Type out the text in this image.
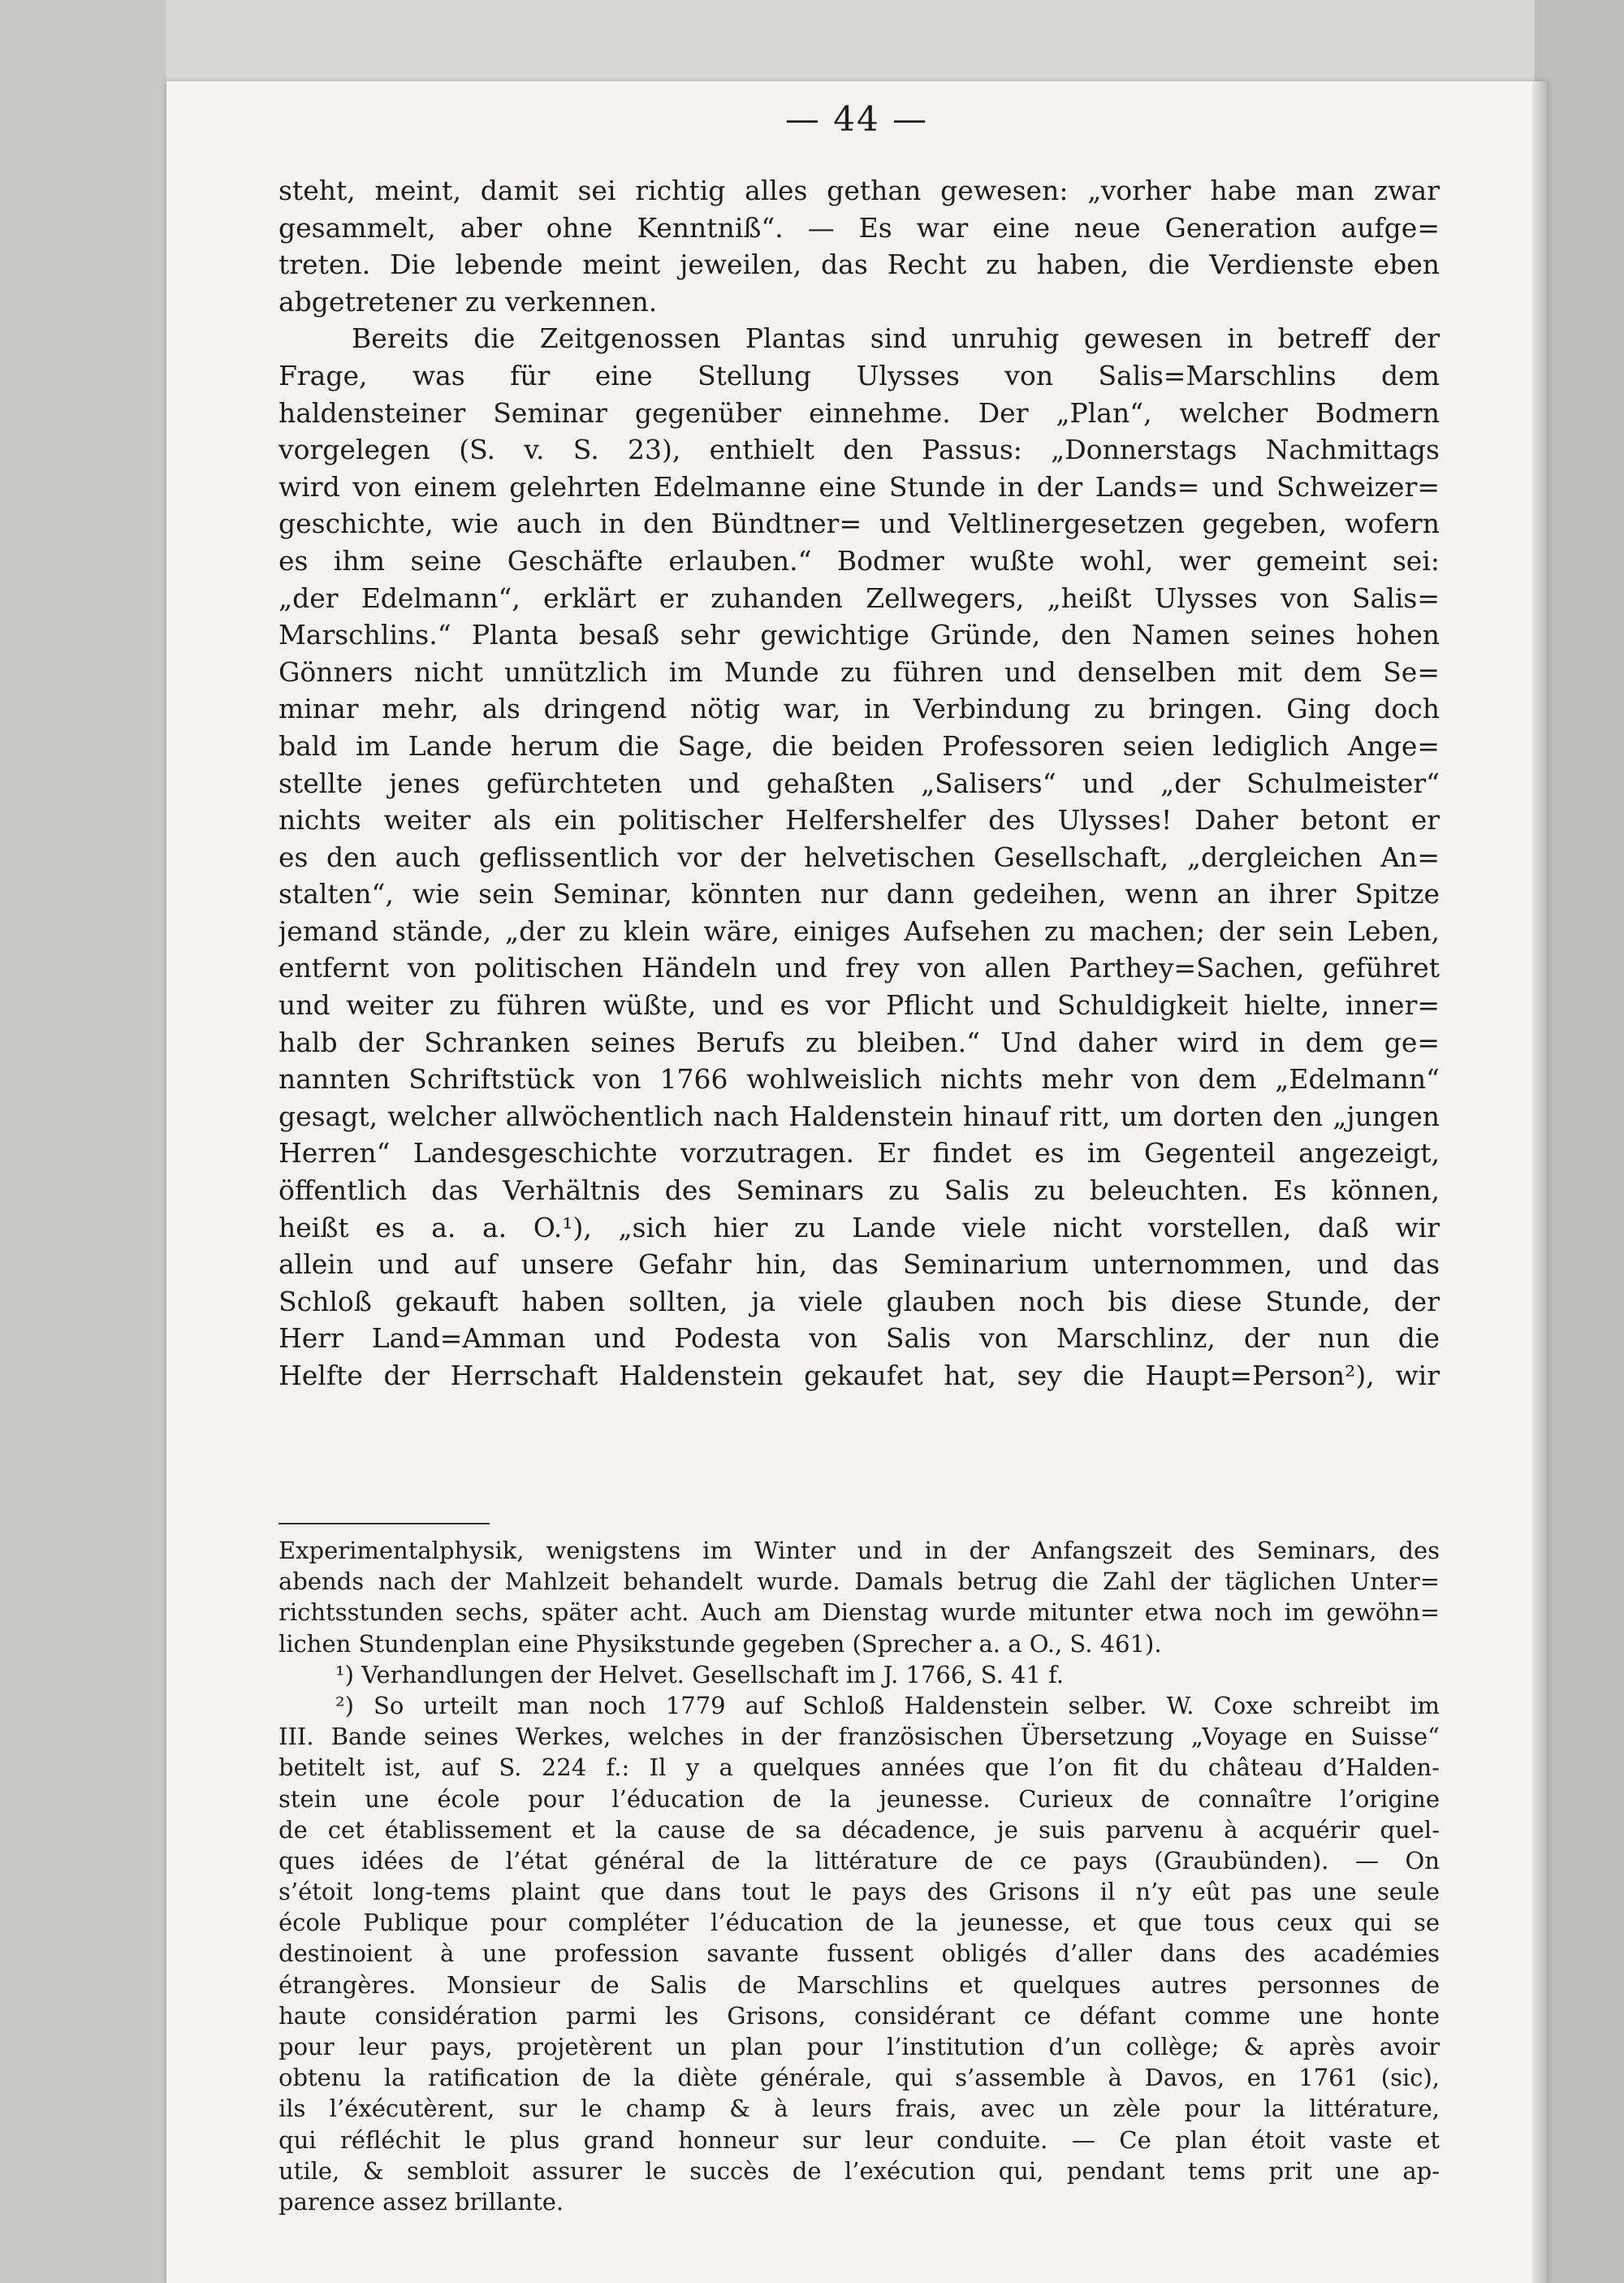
— 44 —
steht, meint, damit sei richtig alles gethan gewesen: „vorher habe man zwar
gesammelt, aber ohne Kenntniß“. — Es war eine neue Generation aufge=
treten. Die lebende meint jeweilen, das Recht zu haben, die Verdienste eben
abgetretener zu verkennen.
Bereits die Zeitgenossen Plantas sind unruhig gewesen in betreff der
Frage, was für eine Stellung Ulysses von Salis=Marschlins dem
haldensteiner Seminar gegenüber einnehme. Der „Plan“, welcher Bodmern
vorgelegen (S. v. S. 23), enthielt den Passus: „Donnerstags Nachmittags
wird von einem gelehrten Edelmanne eine Stunde in der Lands= und Schweizer=
geschichte, wie auch in den Bündtner= und Veltlinergesetzen gegeben, wofern
es ihm seine Geschäfte erlauben.“ Bodmer wußte wohl, wer gemeint sei:
„der Edelmann“, erklärt er zuhanden Zellwegers, „heißt Ulysses von Salis=
Marschlins.“ Planta besaß sehr gewichtige Gründe, den Namen seines hohen
Gönners nicht unnützlich im Munde zu führen und denselben mit dem Se=
minar mehr, als dringend nötig war, in Verbindung zu bringen. Ging doch
bald im Lande herum die Sage, die beiden Professoren seien lediglich Ange=
stellte jenes gefürchteten und gehaßten „Salisers“ und „der Schulmeister“
nichts weiter als ein politischer Helfershelfer des Ulysses! Daher betont er
es den auch geflissentlich vor der helvetischen Gesellschaft, „dergleichen An=
stalten“, wie sein Seminar, könnten nur dann gedeihen, wenn an ihrer Spitze
jemand stände, „der zu klein wäre, einiges Aufsehen zu machen; der sein Leben,
entfernt von politischen Händeln und frey von allen Parthey=Sachen, geführet
und weiter zu führen wüßte, und es vor Pflicht und Schuldigkeit hielte, inner=
halb der Schranken seines Berufs zu bleiben.“ Und daher wird in dem ge=
nannten Schriftstück von 1766 wohlweislich nichts mehr von dem „Edelmann“
gesagt, welcher allwöchentlich nach Haldenstein hinauf ritt, um dorten den „jungen
Herren“ Landesgeschichte vorzutragen. Er findet es im Gegenteil angezeigt,
öffentlich das Verhältnis des Seminars zu Salis zu beleuchten. Es können,
heißt es a. a. O.¹), „sich hier zu Lande viele nicht vorstellen, daß wir
allein und auf unsere Gefahr hin, das Seminarium unternommen, und das
Schloß gekauft haben sollten, ja viele glauben noch bis diese Stunde, der
Herr Land=Amman und Podesta von Salis von Marschlinz, der nun die
Helfte der Herrschaft Haldenstein gekaufet hat, sey die Haupt=Person²), wir
Experimentalphysik, wenigstens im Winter und in der Anfangszeit des Seminars, des
abends nach der Mahlzeit behandelt wurde. Damals betrug die Zahl der täglichen Unter=
richtsstunden sechs, später acht. Auch am Dienstag wurde mitunter etwa noch im gewöhn=
lichen Stundenplan eine Physikstunde gegeben (Sprecher a. a O., S. 461).
¹) Verhandlungen der Helvet. Gesellschaft im J. 1766, S. 41 f.
²) So urteilt man noch 1779 auf Schloß Haldenstein selber. W. Coxe schreibt im
III. Bande seines Werkes, welches in der französischen Übersetzung „Voyage en Suisse“
betitelt ist, auf S. 224 f.: Il y a quelques années que l’on fit du château d’Halden-
stein une école pour l’éducation de la jeunesse. Curieux de connaître l’origine
de cet établissement et la cause de sa décadence, je suis parvenu à acquérir quel-
ques idées de l’état général de la littérature de ce pays (Graubünden). — On
s’étoit long-tems plaint que dans tout le pays des Grisons il n’y eût pas une seule
école Publique pour compléter l’éducation de la jeunesse, et que tous ceux qui se
destinoient à une profession savante fussent obligés d’aller dans des académies
étrangères. Monsieur de Salis de Marschlins et quelques autres personnes de
haute considération parmi les Grisons, considérant ce défant comme une honte
pour leur pays, projetèrent un plan pour l’institution d’un collège; & après avoir
obtenu la ratification de la diète générale, qui s’assemble à Davos, en 1761 (sic),
ils l’éxécutèrent, sur le champ & à leurs frais, avec un zèle pour la littérature,
qui réfléchit le plus grand honneur sur leur conduite. — Ce plan étoit vaste et
utile, & sembloit assurer le succès de l’exécution qui, pendant tems prit une ap-
parence assez brillante.
